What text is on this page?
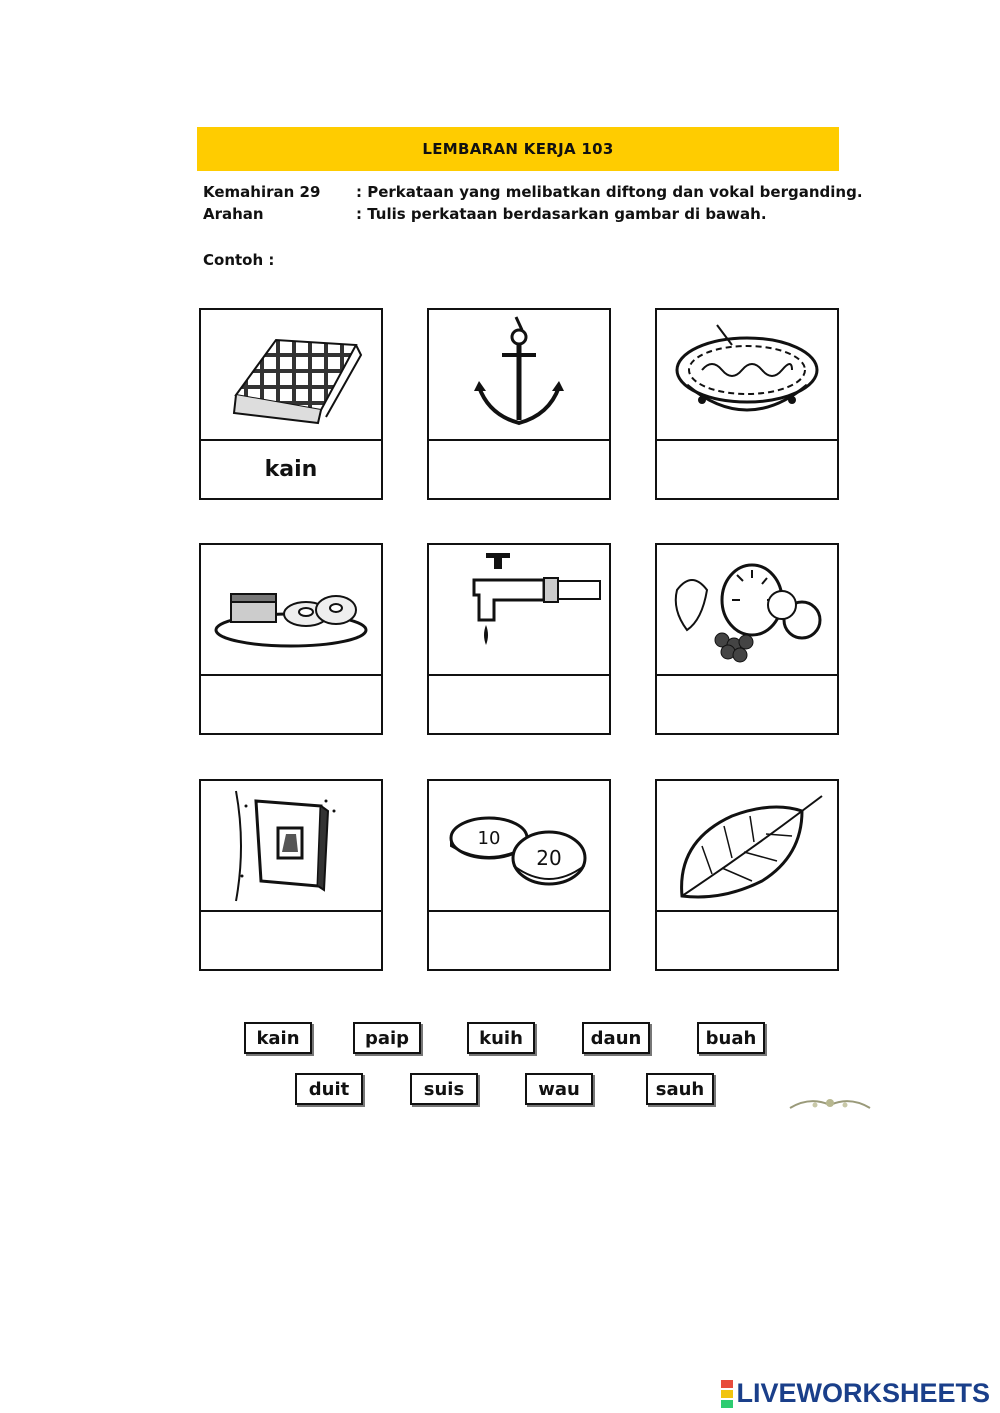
LEMBARAN KERJA 103
Kemahiran 29 : Perkataan yang melibatkan diftong dan vokal berganding.
Arahan	: Tulis perkataan berdasarkan gambar di bawah.
Contoh :
kain
10
20
kain	paip	kuih	daun	buah
duit	suis	wau	sauh
LIVEWORKSHEETS
